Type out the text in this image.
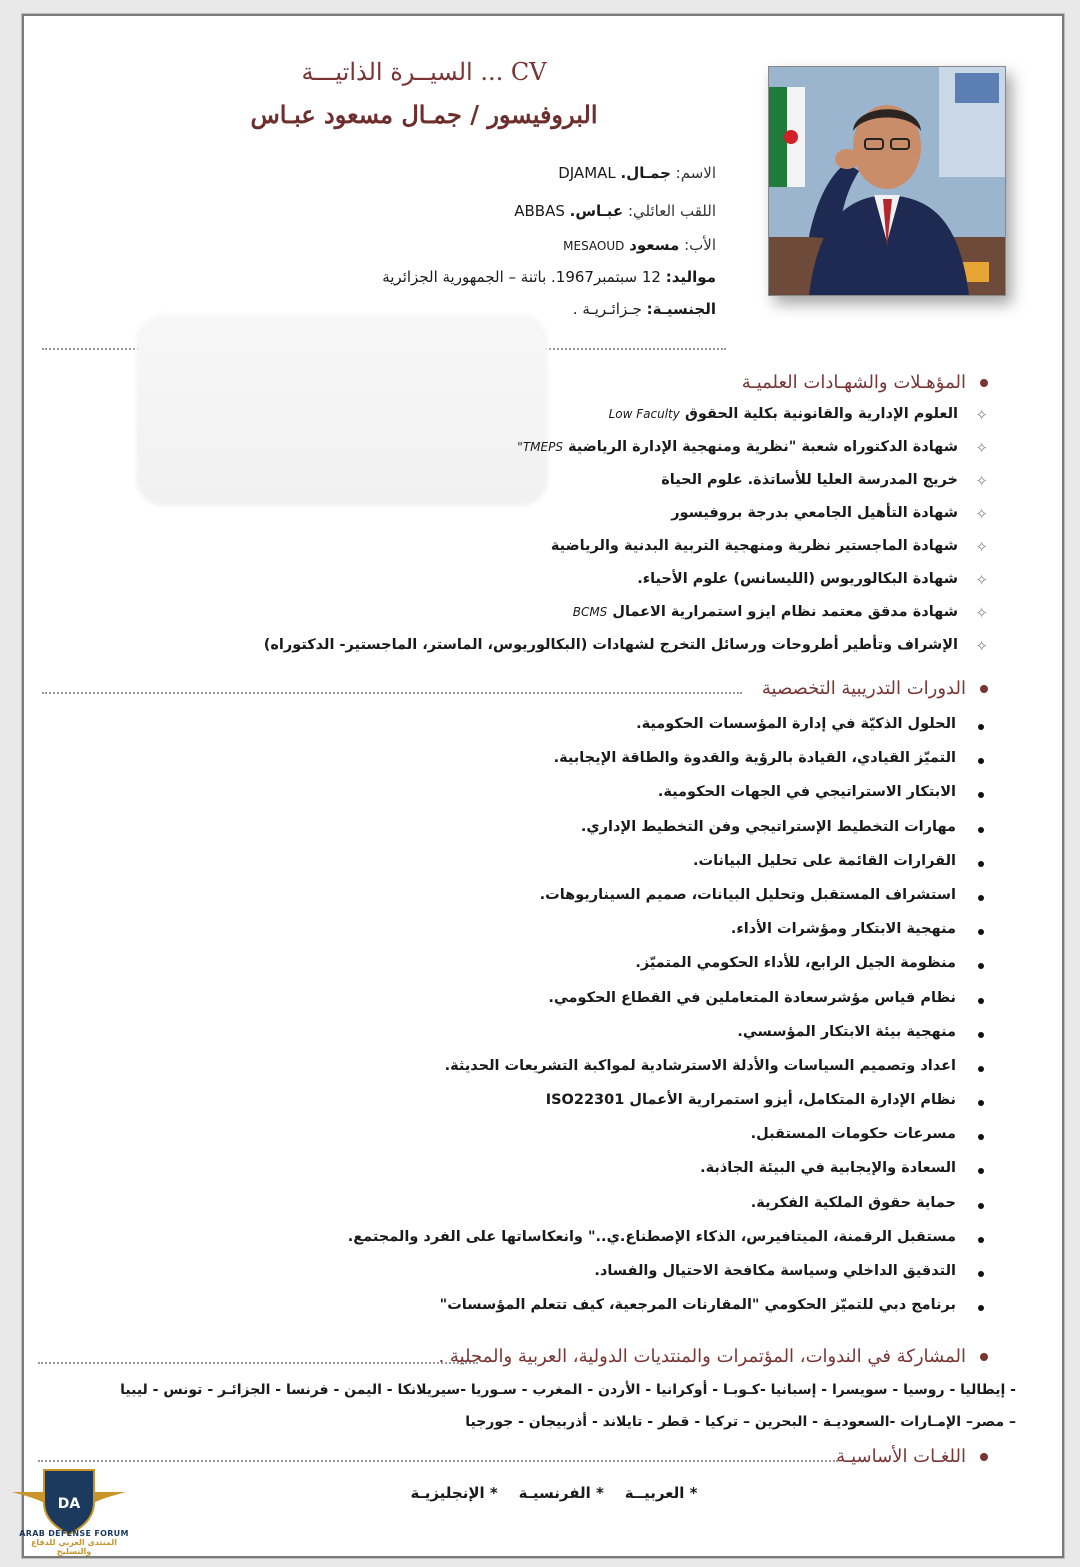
السيــرة الذاتيـــة ... CV
البروفيسور / جمـال مسعود عبـاس
الاسم: جمـال. DJAMAL
اللقب العائلي: عبـاس. ABBAS
الأب: مسعود MESAOUD
مواليد: 12 سبتمبر1967. باتنة – الجمهورية الجزائرية
الجنسيـة: جـزائـريـة .
المؤهـلات والشهـادات العلميـة
✧
العلوم الإدارية والقانونية بكلية الحقوق Low Faculty
✧
شهادة الدكتوراه شعبة "نظرية ومنهجية الإدارة الرياضية TMEPS"
✧
خريج المدرسة العليا للأساتذة. علوم الحياة
✧
شهادة التأهيل الجامعي بدرجة بروفيسور
✧
شهادة الماجستير نظرية ومنهجية التربية البدنية والرياضية
✧
شهادة البكالوريوس (الليسانس) علوم الأحياء.
✧
شهادة مدقق معتمد نظام ايزو استمرارية الاعمال BCMS
✧
الإشراف وتأطير أطروحات ورسائل التخرج لشهادات (البكالوريوس، الماستر، الماجستير- الدكتوراه)
الدورات التدريبية التخصصية
الحلول الذكيّة في إدارة المؤسسات الحكومية.
التميّز القيادي، القيادة بالرؤية والقدوة والطاقة الإيجابية.
الابتكار الاستراتيجي في الجهات الحكومية.
مهارات التخطيط الإستراتيجي وفن التخطيط الإداري.
القرارات القائمة على تحليل البيانات.
استشراف المستقبل وتحليل البيانات، صميم السيناريوهات.
منهجية الابتكار ومؤشرات الأداء.
منظومة الجيل الرابع، للأداء الحكومي المتميّز.
نظام قياس مؤشرسعادة المتعاملين في القطاع الحكومي.
منهجية بيئة الابتكار المؤسسي.
اعداد وتصميم السياسات والأدلة الاسترشادية لمواكبة التشريعات الحديثة.
نظام الإدارة المتكامل، أيزو استمرارية الأعمال ISO22301
مسرعات حكومات المستقبل.
السعادة والإيجابية في البيئة الجاذبة.
حماية حقوق الملكية الفكرية.
مستقبل الرقمنة، الميتافيرس، الذكاء الإصطناع.ي.." وانعكاساتها على الفرد والمجتمع.
التدقيق الداخلي وسياسة مكافحة الاحتيال والفساد.
برنامج دبي للتميّز الحكومي "المقارنات المرجعية، كيف تتعلم المؤسسات"
المشاركة في الندوات، المؤتمرات والمنتديات الدولية، العربية والمحلية .
- إيطاليا - روسيا - سويسرا - إسبانيا -كـوبـا - أوكرانيا - الأردن - المغرب - سـوريا -سيريلانكا - اليمن - فرنسا - الجزائـر - تونس - ليبيا
– مصر– الإمـارات -السعوديـة - البحرين – تركيا - قطر - تايلاند - أذربيجان - جورجيا
اللغـات الأساسيـة
* العربيــة    * الفرنسيـة    * الإنجليزيـة
DA
ARAB DEFENSE FORUM
المنتدى العربي للدفاع والتسليح
